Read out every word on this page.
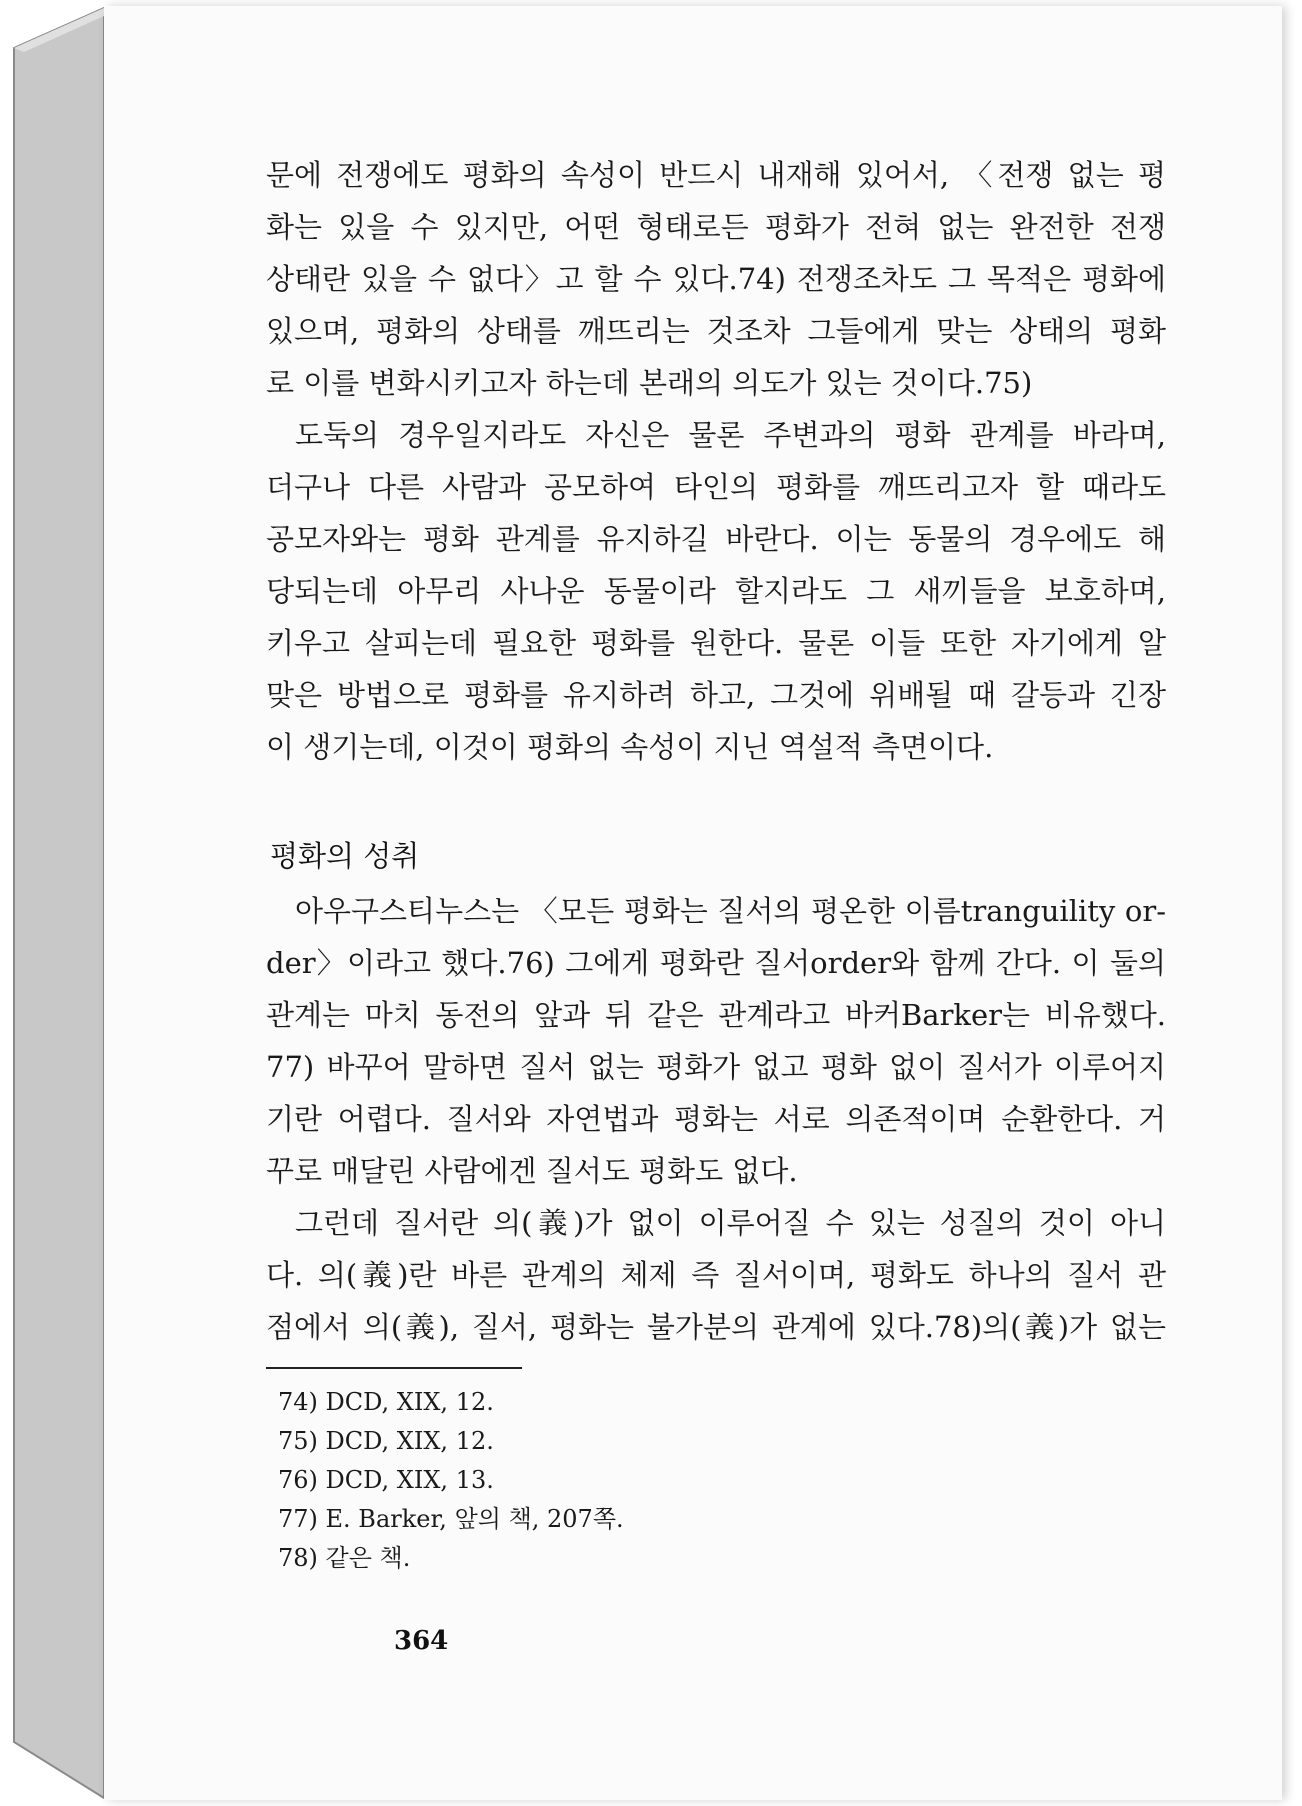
문에 전쟁에도 평화의 속성이 반드시 내재해 있어서, 〈전쟁 없는 평
화는 있을 수 있지만, 어떤 형태로든 평화가 전혀 없는 완전한 전쟁
상태란 있을 수 없다〉고 할 수 있다.74) 전쟁조차도 그 목적은 평화에
있으며, 평화의 상태를 깨뜨리는 것조차 그들에게 맞는 상태의 평화
로 이를 변화시키고자 하는데 본래의 의도가 있는 것이다.75)
도둑의 경우일지라도 자신은 물론 주변과의 평화 관계를 바라며,
더구나 다른 사람과 공모하여 타인의 평화를 깨뜨리고자 할 때라도
공모자와는 평화 관계를 유지하길 바란다. 이는 동물의 경우에도 해
당되는데 아무리 사나운 동물이라 할지라도 그 새끼들을 보호하며,
키우고 살피는데 필요한 평화를 원한다. 물론 이들 또한 자기에게 알
맞은 방법으로 평화를 유지하려 하고, 그것에 위배될 때 갈등과 긴장
이 생기는데, 이것이 평화의 속성이 지닌 역설적 측면이다.
평화의 성취
아우구스티누스는 〈모든 평화는 질서의 평온한 이름tranguility or-
der〉이라고 했다.76) 그에게 평화란 질서order와 함께 간다. 이 둘의
관계는 마치 동전의 앞과 뒤 같은 관계라고 바커Barker는 비유했다.
77) 바꾸어 말하면 질서 없는 평화가 없고 평화 없이 질서가 이루어지
기란 어렵다. 질서와 자연법과 평화는 서로 의존적이며 순환한다. 거
꾸로 매달린 사람에겐 질서도 평화도 없다.
그런데 질서란 의(義)가 없이 이루어질 수 있는 성질의 것이 아니
다. 의(義)란 바른 관계의 체제 즉 질서이며, 평화도 하나의 질서 관
점에서 의(義), 질서, 평화는 불가분의 관계에 있다.78)의(義)가 없는
74) DCD, XIX, 12.
75) DCD, XIX, 12.
76) DCD, XIX, 13.
77) E. Barker, 앞의 책, 207쪽.
78) 같은 책.
364
